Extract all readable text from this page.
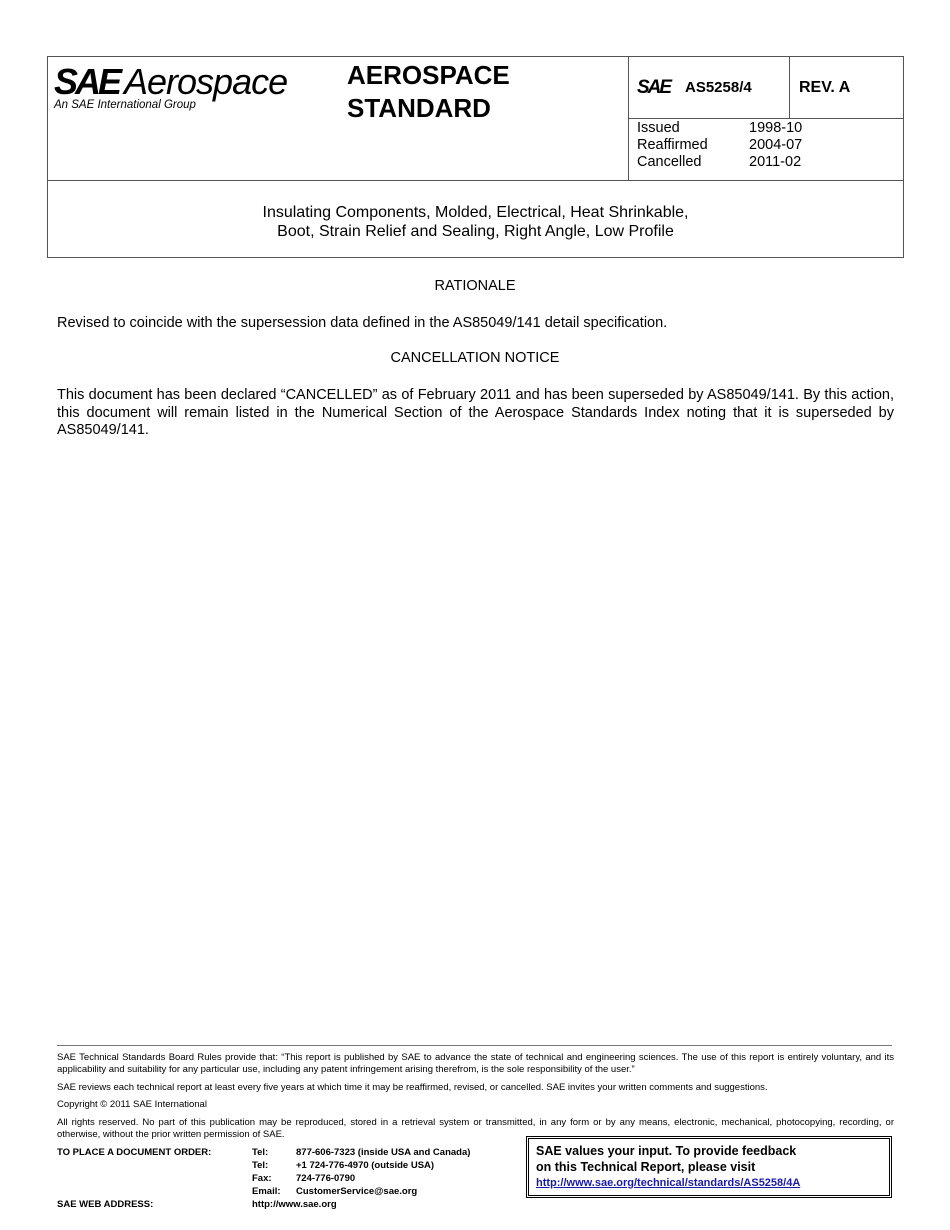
SAE Aerospace
An SAE International Group
AEROSPACE
STANDARD
SAE AS5258/4	REV. A
Issued	1998-10
Reaffirmed	2004-07
Cancelled	2011-02
Insulating Components, Molded, Electrical, Heat Shrinkable,
Boot, Strain Relief and Sealing, Right Angle, Low Profile
RATIONALE
Revised to coincide with the supersession data defined in the AS85049/141 detail specification.
CANCELLATION NOTICE
This document has been declared “CANCELLED” as of February 2011 and has been superseded by AS85049/141. By this action, this document will remain listed in the Numerical Section of the Aerospace Standards Index noting that it is superseded by AS85049/141.
SAE Technical Standards Board Rules provide that: “This report is published by SAE to advance the state of technical and engineering sciences. The use of this report is entirely voluntary, and its applicability and suitability for any particular use, including any patent infringement arising therefrom, is the sole responsibility of the user.”
SAE reviews each technical report at least every five years at which time it may be reaffirmed, revised, or cancelled. SAE invites your written comments and suggestions.
Copyright © 2011 SAE International
All rights reserved. No part of this publication may be reproduced, stored in a retrieval system or transmitted, in any form or by any means, electronic, mechanical, photocopying, recording, or otherwise, without the prior written permission of SAE.
TO PLACE A DOCUMENT ORDER:	Tel:	877-606-7323 (inside USA and Canada)
Tel:	+1 724-776-4970 (outside USA)
Fax:	724-776-0790
Email: CustomerService@sae.org
SAE WEB ADDRESS:	http://www.sae.org
SAE values your input. To provide feedback
on this Technical Report, please visit
http://www.sae.org/technical/standards/AS5258/4A
